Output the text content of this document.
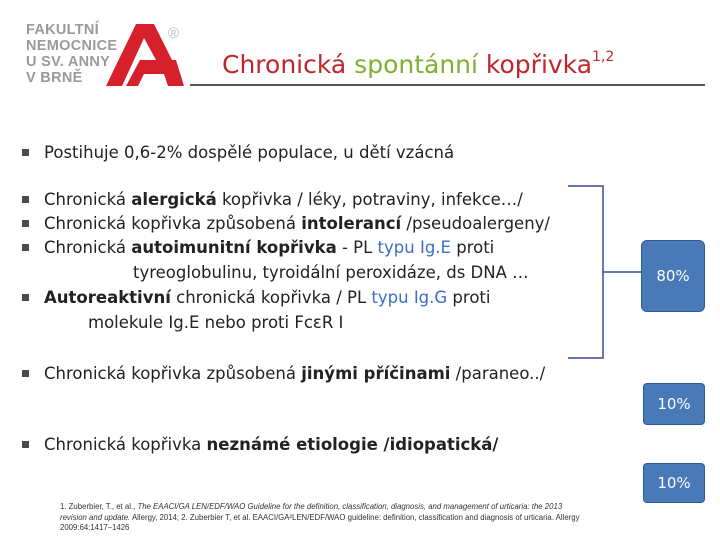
FAKULTNÍ
NEMOCNICE
U SV. ANNY
V BRNĚ
®
Chronická spontánní kopřivka$^{1,2}$
Postihuje 0,6-2% dospělé populace, u dětí vzácná
Chronická alergická kopřivka / léky, potraviny, infekce…/
Chronická kopřivka způsobená intolerancí /pseudoalergeny/
Chronická autoimunitní kopřivka - PL typu Ig.E proti
tyreoglobulinu, tyroidální peroxidáze, ds DNA …
Autoreaktivní chronická kopřivka / PL typu Ig.G proti
molekule Ig.E nebo proti FcεR I
Chronická kopřivka způsobená jinými příčinami /paraneo../
Chronická kopřivka neznámé etiologie /idiopatická/
80%
10%
10%
1. Zuberbier, T., et al., The EAACI/GA LEN/EDF/WAO Guideline for the definition, classification, diagnosis, and management of urticaria: the 2013 revision and update. Allergy, 2014; 2. Zuberbier T, et al. EAACI/GA²LEN/EDF/WAO guideline: definition, classification and diagnosis of urticaria. Allergy 2009:64:1417–1426
